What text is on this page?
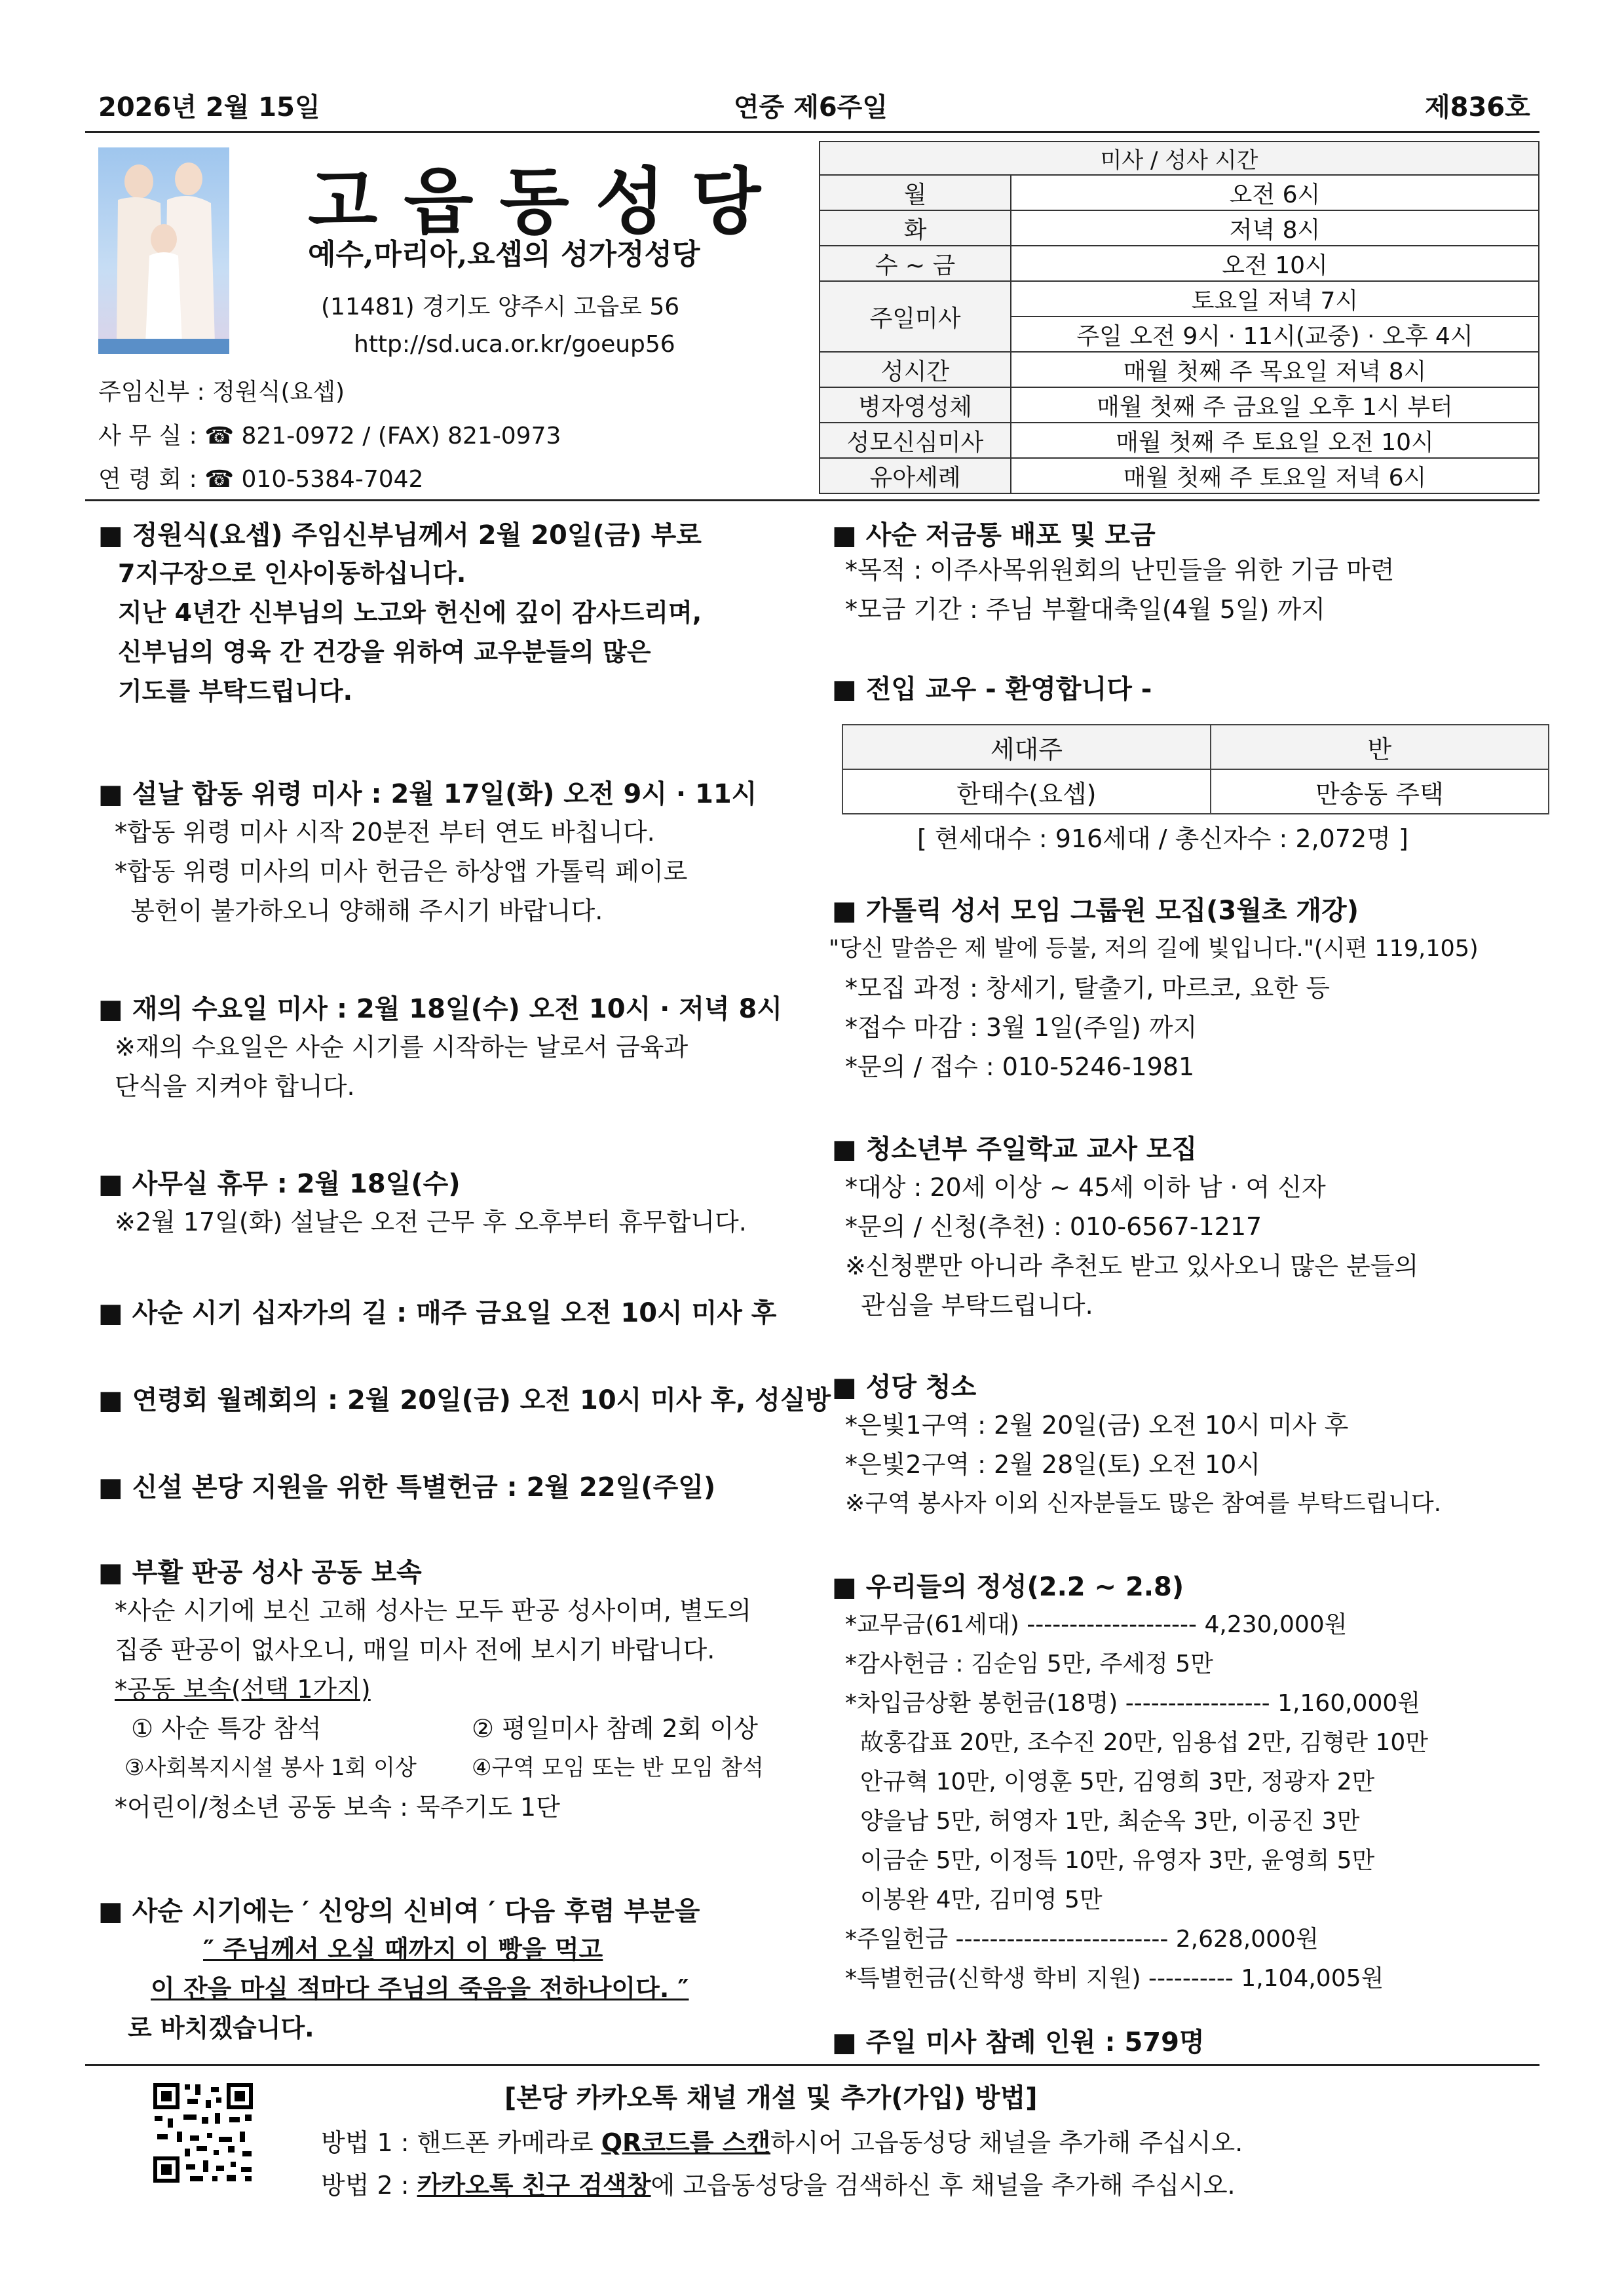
2026년 2월 15일	연중 제6주일	제836호
고읍동성당
예수,마리아,요셉의 성가정성당
(11481) 경기도 양주시 고읍로 56
http://sd.uca.or.kr/goeup56
주임신부 : 정원식(요셉)
사 무 실 : ☎ 821-0972 / (FAX) 821-0973
연 령 회 : ☎ 010-5384-7042
미사 / 성사 시간	
월	오전 6시
화	저녁 8시
수 ~ 금	오전 10시
주일미사	토요일 저녁 7시
	주일 오전 9시 · 11시(교중) · 오후 4시
성시간	매월 첫째 주 목요일 저녁 8시
병자영성체	매월 첫째 주 금요일 오후 1시 부터
성모신심미사	매월 첫째 주 토요일 오전 10시
유아세례	매월 첫째 주 토요일 저녁 6시
■ 정원식(요셉) 주임신부님께서 2월 20일(금) 부로
7지구장으로 인사이동하십니다.
지난 4년간 신부님의 노고와 헌신에 깊이 감사드리며,
신부님의 영육 간 건강을 위하여 교우분들의 많은
기도를 부탁드립니다.
■ 설날 합동 위령 미사 : 2월 17일(화) 오전 9시 · 11시
*합동 위령 미사 시작 20분전 부터 연도 바칩니다.
*합동 위령 미사의 미사 헌금은 하상앱 가톨릭 페이로
봉헌이 불가하오니 양해해 주시기 바랍니다.
■ 재의 수요일 미사 : 2월 18일(수) 오전 10시 · 저녁 8시
※재의 수요일은 사순 시기를 시작하는 날로서 금육과
단식을 지켜야 합니다.
■ 사무실 휴무 : 2월 18일(수)
※2월 17일(화) 설날은 오전 근무 후 오후부터 휴무합니다.
■ 사순 시기 십자가의 길 : 매주 금요일 오전 10시 미사 후
■ 연령회 월례회의 : 2월 20일(금) 오전 10시 미사 후, 성실방
■ 신설 본당 지원을 위한 특별헌금 : 2월 22일(주일)
■ 부활 판공 성사 공동 보속
*사순 시기에 보신 고해 성사는 모두 판공 성사이며, 별도의
집중 판공이 없사오니, 매일 미사 전에 보시기 바랍니다.
*공동 보속(선택 1가지)
① 사순 특강 참석	② 평일미사 참례 2회 이상
③사회복지시설 봉사 1회 이상 ④구역 모임 또는 반 모임 참석
*어린이/청소년 공동 보속 : 묵주기도 1단
■ 사순 시기에는 ′ 신앙의 신비여 ′ 다음 후렴 부분을
″ 주님께서 오실 때까지 이 빵을 먹고
이 잔을 마실 적마다 주님의 죽음을 전하나이다. ″
로 바치겠습니다.
■ 사순 저금통 배포 및 모금
*목적 : 이주사목위원회의 난민들을 위한 기금 마련
*모금 기간 : 주님 부활대축일(4월 5일) 까지
■ 전입 교우 - 환영합니다 -
세대주	반
한태수(요셉)	만송동 주택
[ 현세대수 : 916세대 / 총신자수 : 2,072명 ]
■ 가톨릭 성서 모임 그룹원 모집(3월초 개강)
"당신 말씀은 제 발에 등불, 저의 길에 빛입니다."(시편 119,105)
*모집 과정 : 창세기, 탈출기, 마르코, 요한 등
*접수 마감 : 3월 1일(주일) 까지
*문의 / 접수 : 010-5246-1981
■ 청소년부 주일학교 교사 모집
*대상 : 20세 이상 ~ 45세 이하 남 · 여 신자
*문의 / 신청(추천) : 010-6567-1217
※신청뿐만 아니라 추천도 받고 있사오니 많은 분들의
관심을 부탁드립니다.
■ 성당 청소
*은빛1구역 : 2월 20일(금) 오전 10시 미사 후
*은빛2구역 : 2월 28일(토) 오전 10시
※구역 봉사자 이외 신자분들도 많은 참여를 부탁드립니다.
■ 우리들의 정성(2.2 ~ 2.8)
*교무금(61세대) -------------------- 4,230,000원
*감사헌금 : 김순임 5만, 주세정 5만
*차입금상환 봉헌금(18명) ----------------- 1,160,000원
故홍갑표 20만, 조수진 20만, 임용섭 2만, 김형란 10만
안규혁 10만, 이영훈 5만, 김영희 3만, 정광자 2만
양을남 5만, 허영자 1만, 최순옥 3만, 이공진 3만
이금순 5만, 이정득 10만, 유영자 3만, 윤영희 5만
이봉완 4만, 김미영 5만
*주일헌금 ------------------------- 2,628,000원
*특별헌금(신학생 학비 지원) ---------- 1,104,005원
■ 주일 미사 참례 인원 : 579명
[본당 카카오톡 채널 개설 및 추가(가입) 방법]
방법 1 : 핸드폰 카메라로 QR코드를 스캔하시어 고읍동성당 채널을 추가해 주십시오.
방법 2 : 카카오톡 친구 검색창에 고읍동성당을 검색하신 후 채널을 추가해 주십시오.
